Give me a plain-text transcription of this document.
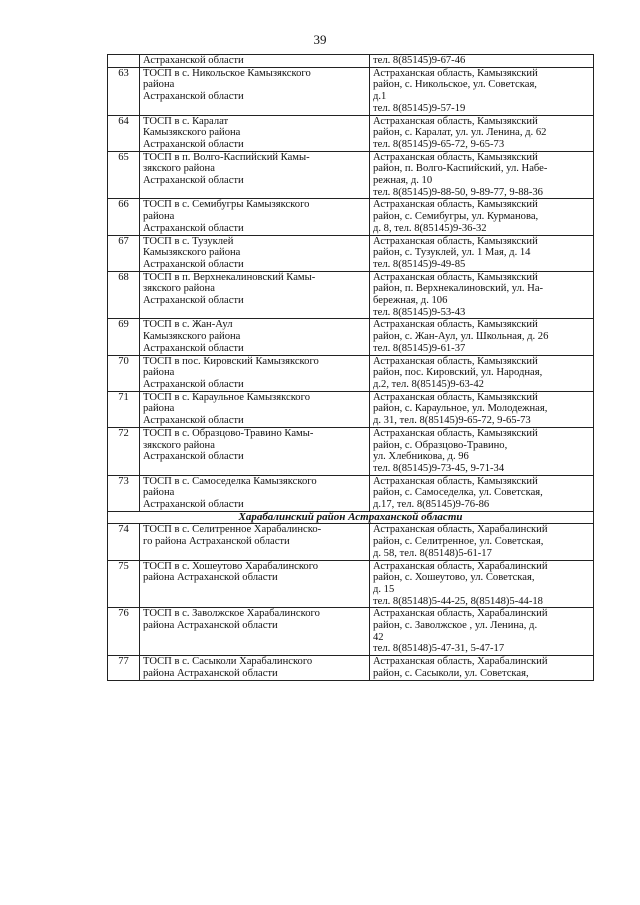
39
	Астраханской области	тел. 8(85145)9-67-46
63	ТОСП в с. Никольское Камызякского
района
Астраханской области	Астраханская область, Камызякский
район, с. Никольское, ул. Советская,
д.1
тел. 8(85145)9-57-19
64	ТОСП в с. Каралат
Камызякского района
Астраханской области	Астраханская область, Камызякский
район, с. Каралат, ул. ул. Ленина, д. 62
тел. 8(85145)9-65-72, 9-65-73
65	ТОСП в п. Волго-Каспийский Камы-
зякского района
Астраханской области	Астраханская область, Камызякский
район, п. Волго-Каспийский, ул. Набе-
режная, д. 10
тел. 8(85145)9-88-50, 9-89-77, 9-88-36
66	ТОСП в с. Семибугры Камызякского
района
Астраханской области	Астраханская область, Камызякский
район, с. Семибугры, ул. Курманова,
д. 8, тел. 8(85145)9-36-32
67	ТОСП в с. Тузуклей
Камызякского района
Астраханской области	Астраханская область, Камызякский
район, с. Тузуклей, ул. 1 Мая, д. 14
тел. 8(85145)9-49-85
68	ТОСП в п. Верхнекалиновский Камы-
зякского района
Астраханской области	Астраханская область, Камызякский
район, п. Верхнекалиновский, ул. На-
бережная, д. 106
тел. 8(85145)9-53-43
69	ТОСП в с. Жан-Аул
Камызякского района
Астраханской области	Астраханская область, Камызякский
район, с. Жан-Аул, ул. Школьная, д. 26
тел. 8(85145)9-61-37
70	ТОСП в пос. Кировский Камызякского
района
Астраханской области	Астраханская область, Камызякский
район, пос. Кировский, ул. Народная,
д.2, тел. 8(85145)9-63-42
71	ТОСП в с. Караульное Камызякского
района
Астраханской области	Астраханская область, Камызякский
район, с. Караульное, ул. Молодежная,
д. 31, тел. 8(85145)9-65-72, 9-65-73
72	ТОСП в с. Образцово-Травино Камы-
зякского района
Астраханской области	Астраханская область, Камызякский
район, с. Образцово-Травино,
ул. Хлебникова, д. 96
тел. 8(85145)9-73-45, 9-71-34
73	ТОСП в с. Самоседелка Камызякского
района
Астраханской области	Астраханская область, Камызякский
район, с. Самоседелка, ул. Советская,
д.17, тел. 8(85145)9-76-86
Харабалинский район Астраханской области		
74	ТОСП в с. Селитренное Харабалинско-
го района Астраханской области	Астраханская область, Харабалинский
район, с. Селитренное, ул. Советская,
д. 58, тел. 8(85148)5-61-17
75	ТОСП в с. Хошеутово Харабалинского
района Астраханской области	Астраханская область, Харабалинский
район, с. Хошеутово, ул. Советская,
д. 15
тел. 8(85148)5-44-25, 8(85148)5-44-18
76	ТОСП в с. Заволжское Харабалинского
района Астраханской области	Астраханская область, Харабалинский
район, с. Заволжское , ул. Ленина, д.
42
тел. 8(85148)5-47-31, 5-47-17
77	ТОСП в с. Сасыколи Харабалинского
района Астраханской области	Астраханская область, Харабалинский
район, с. Сасыколи, ул. Советская,
